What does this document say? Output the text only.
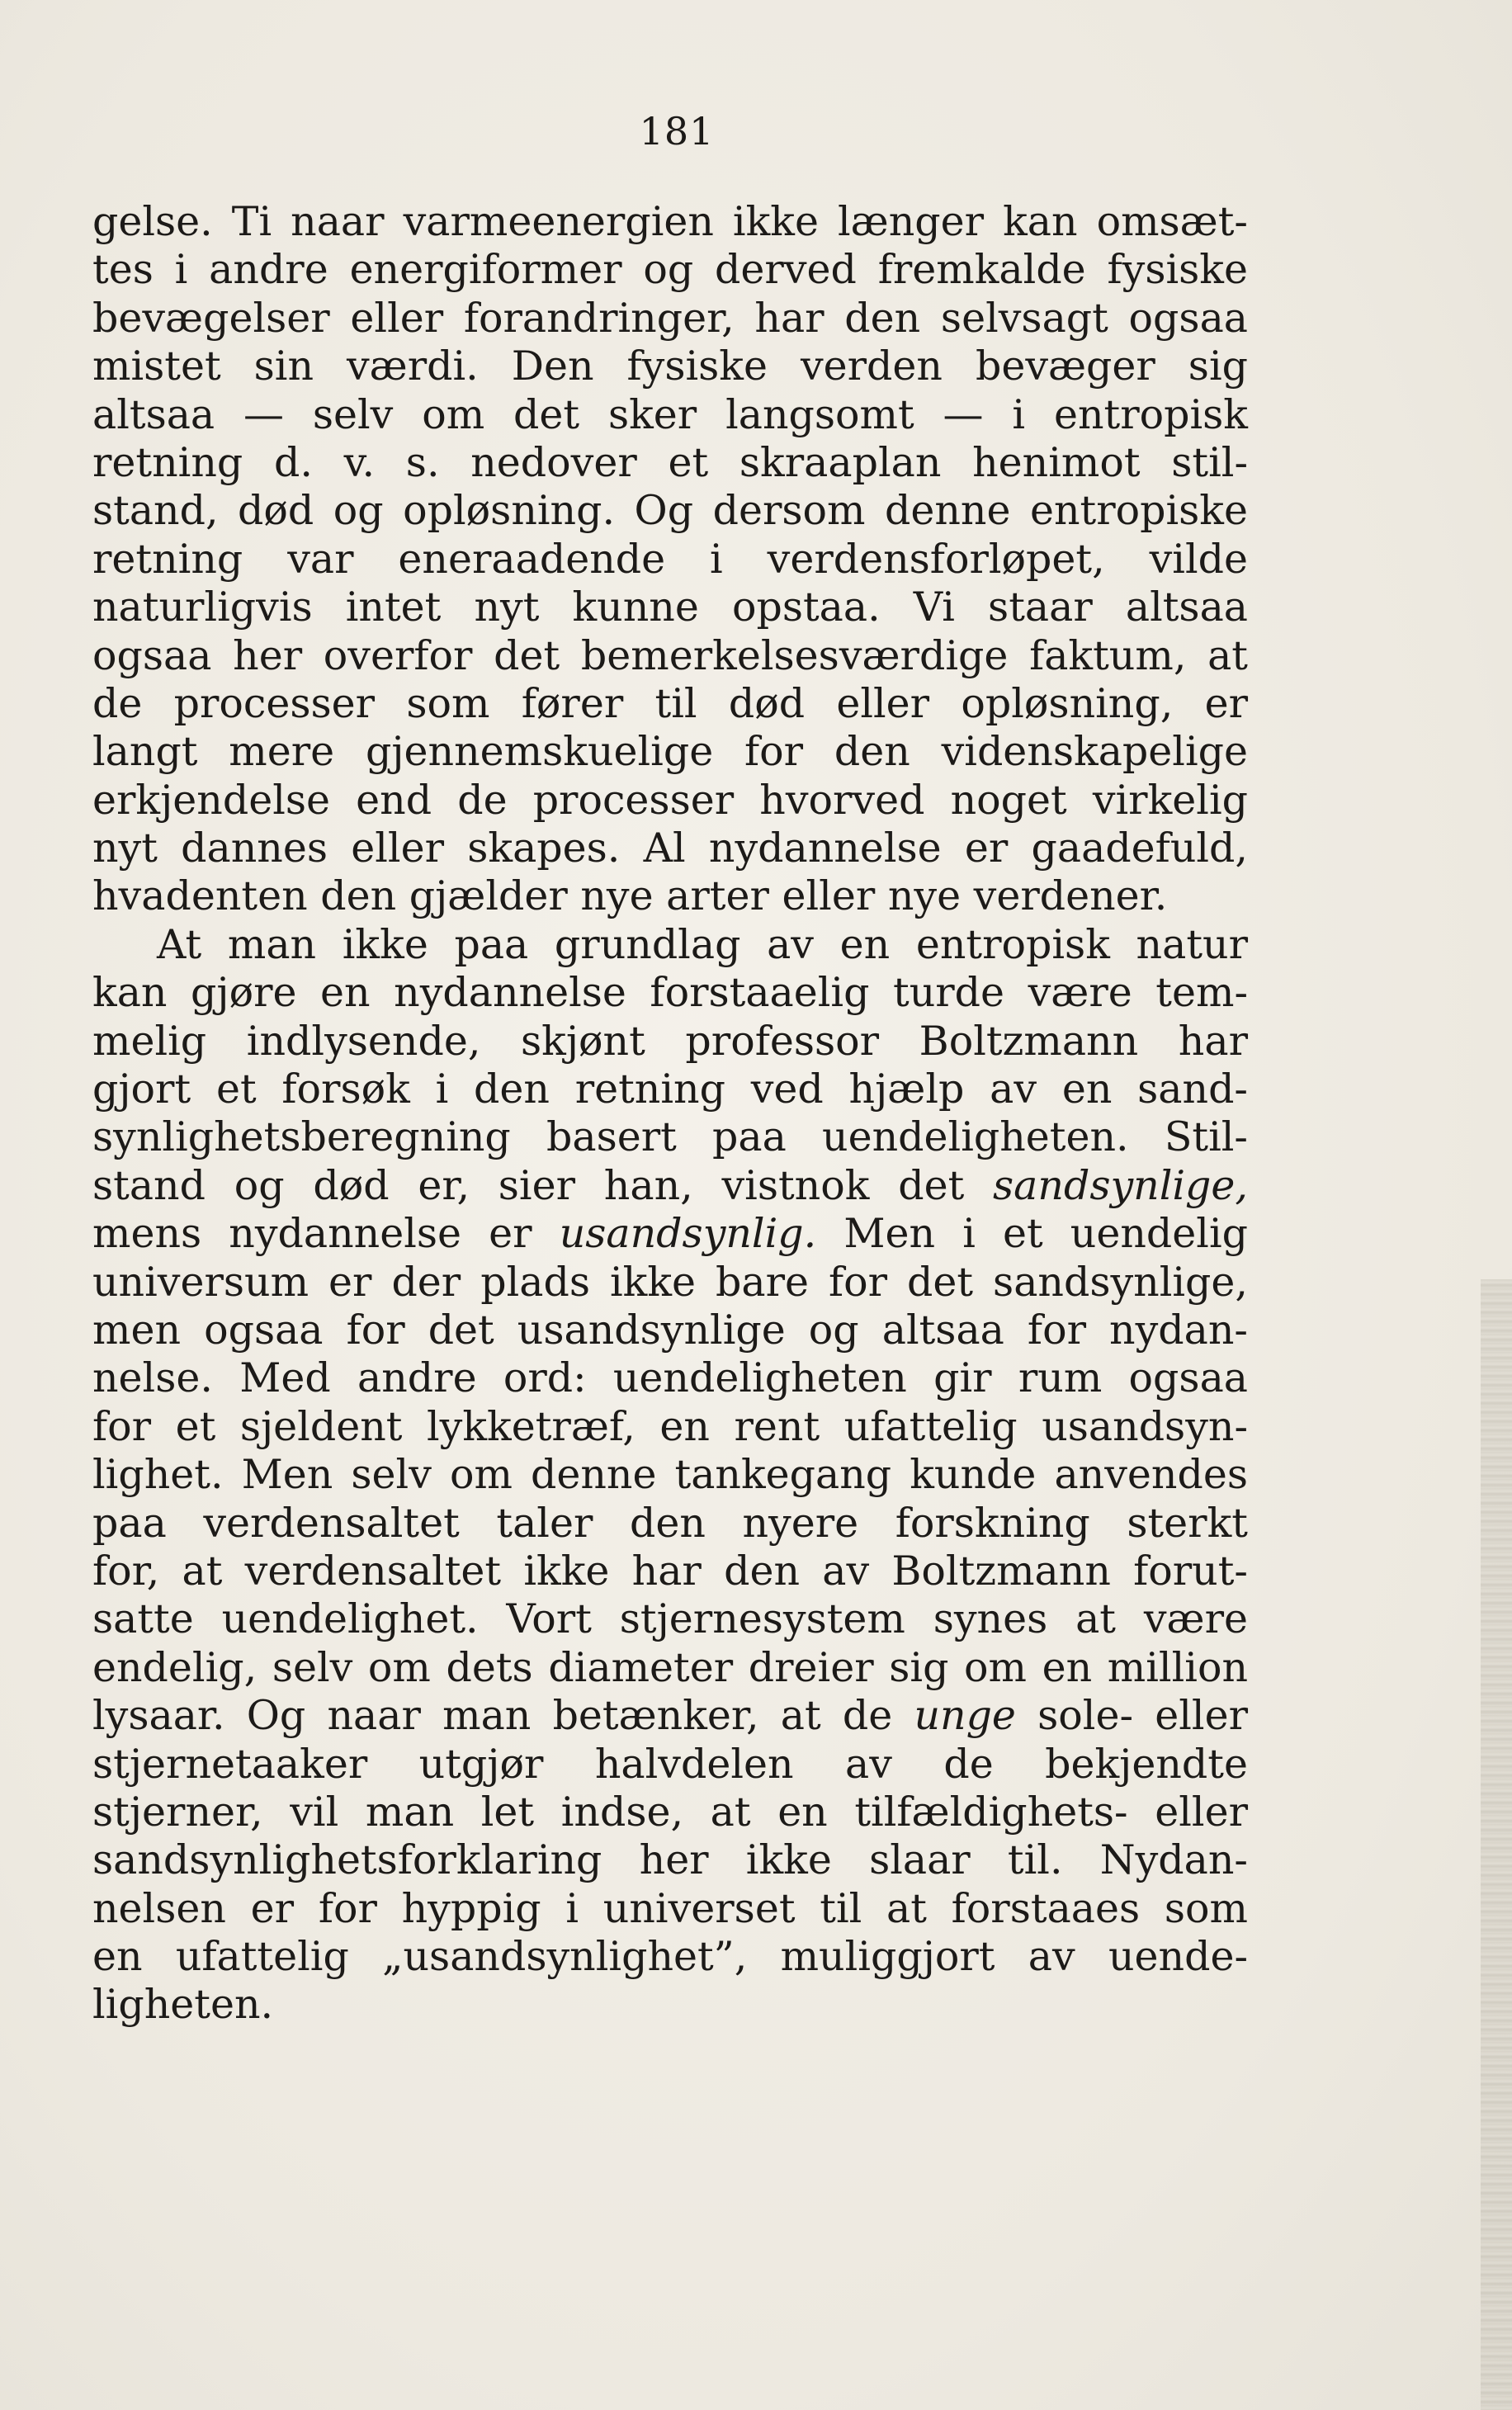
181
gelse. Ti naar varmeenergien ikke længer kan omsæt-
tes i andre energiformer og derved fremkalde fysiske
bevægelser eller forandringer, har den selvsagt ogsaa
mistet sin værdi. Den fysiske verden bevæger sig
altsaa — selv om det sker langsomt — i entropisk
retning d. v. s. nedover et skraaplan henimot stil-
stand, død og opløsning. Og dersom denne entropiske
retning var eneraadende i verdensforløpet, vilde
naturligvis intet nyt kunne opstaa. Vi staar altsaa
ogsaa her overfor det bemerkelsesværdige faktum, at
de processer som fører til død eller opløsning, er
langt mere gjennemskuelige for den videnskapelige
erkjendelse end de processer hvorved noget virkelig
nyt dannes eller skapes. Al nydannelse er gaadefuld,
hvadenten den gjælder nye arter eller nye verdener.
At man ikke paa grundlag av en entropisk natur
kan gjøre en nydannelse forstaaelig turde være tem-
melig indlysende, skjønt professor Boltzmann har
gjort et forsøk i den retning ved hjælp av en sand-
synlighetsberegning basert paa uendeligheten. Stil-
stand og død er, sier han, vistnok det sandsynlige,
mens nydannelse er usandsynlig. Men i et uendelig
universum er der plads ikke bare for det sandsynlige,
men ogsaa for det usandsynlige og altsaa for nydan-
nelse. Med andre ord: uendeligheten gir rum ogsaa
for et sjeldent lykketræf, en rent ufattelig usandsyn-
lighet. Men selv om denne tankegang kunde anvendes
paa verdensaltet taler den nyere forskning sterkt
for, at verdensaltet ikke har den av Boltzmann forut-
satte uendelighet. Vort stjernesystem synes at være
endelig, selv om dets diameter dreier sig om en million
lysaar. Og naar man betænker, at de unge sole- eller
stjernetaaker utgjør halvdelen av de bekjendte
stjerner, vil man let indse, at en tilfældighets- eller
sandsynlighetsforklaring her ikke slaar til. Nydan-
nelsen er for hyppig i universet til at forstaaes som
en ufattelig „usandsynlighet”, muliggjort av uende-
ligheten.
